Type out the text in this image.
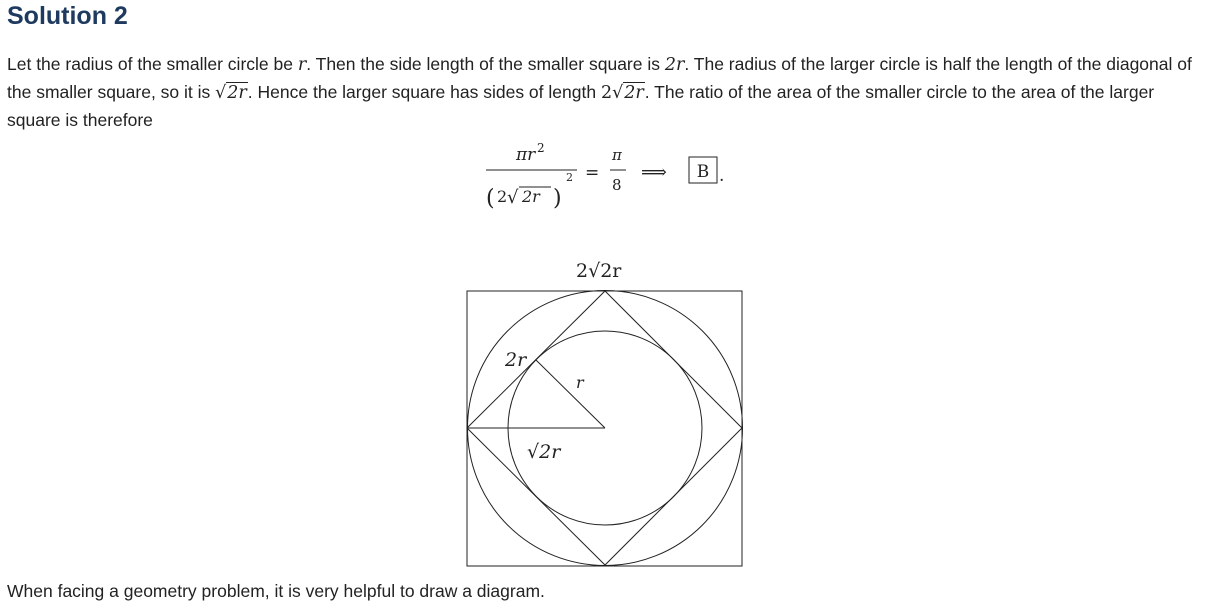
Solution 2
Let the radius of the smaller circle be r. Then the side length of the smaller square is 2r. The radius of the larger circle is half the length of the diagonal of the smaller square, so it is √2r. Hence the larger square has sides of length 2√2r. The ratio of the area of the smaller circle to the area of the larger square is therefore
πr 2
( 2 √ 2r )
2 =
π
8
⟹ B .
2√2r
2r
r
√2r
When facing a geometry problem, it is very helpful to draw a diagram.
